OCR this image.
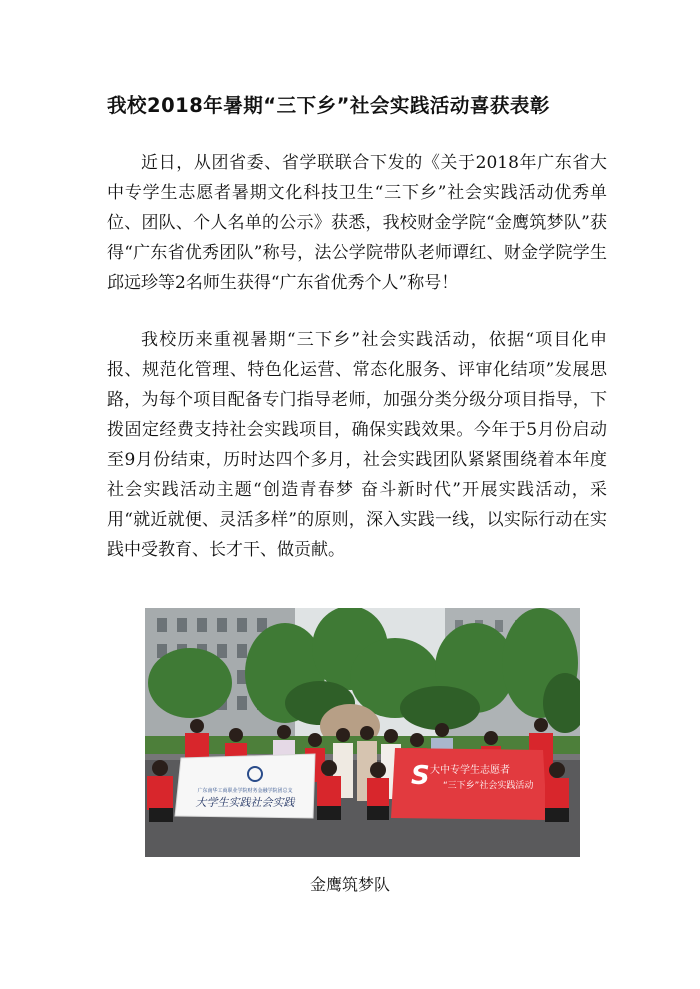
我校2018年暑期“三下乡”社会实践活动喜获表彰
近日，从团省委、省学联联合下发的《关于2018年广东省大中专学生志愿者暑期文化科技卫生“三下乡”社会实践活动优秀单位、团队、个人名单的公示》获悉，我校财金学院“金鹰筑梦队”获得“广东省优秀团队”称号，法公学院带队老师谭红、财金学院学生邱远珍等2名师生获得“广东省优秀个人”称号！
我校历来重视暑期“三下乡”社会实践活动，依据“项目化申报、规范化管理、特色化运营、常态化服务、评审化结项”发展思路，为每个项目配备专门指导老师，加强分类分级分项目指导，下拨固定经费支持社会实践项目，确保实践效果。今年于5月份启动至9月份结束，历时达四个多月，社会实践团队紧紧围绕着本年度社会实践活动主题“创造青春梦 奋斗新时代”开展实践活动，采用“就近就便、灵活多样”的原则，深入实践一线，以实际行动在实践中受教育、长才干、做贡献。
广东南华工商职业学院财务金融学院团总支
大学生实践社会实践
S 大中专学生志愿者
“三下乡”社会实践活动
金鹰筑梦队
